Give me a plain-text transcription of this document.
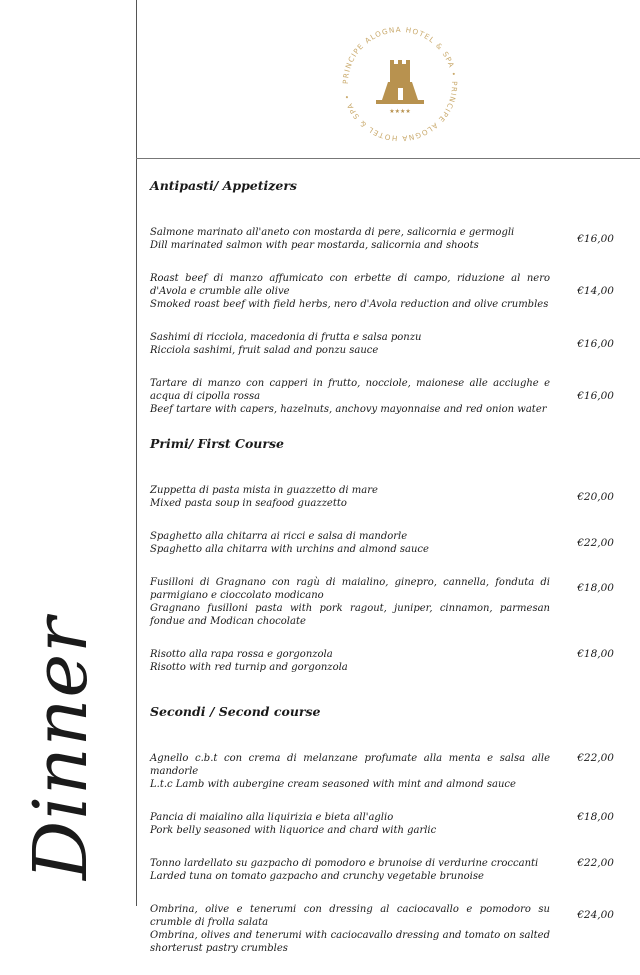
Dinner
PRINCIPE ALOGNA HOTEL & SPA • PRINCIPE ALOGNA HOTEL & SPA •
★★★★
Antipasti/ Appetizers
Salmone marinato all'aneto con mostarda di pere, salicornia e germogli
Dill marinated salmon with pear mostarda, salicornia and shoots
€16,00
Roast beef di manzo affumicato con erbette di campo, riduzione al nero d'Avola e crumble alle olive
Smoked roast beef with field herbs, nero d'Avola reduction and olive crumbles
€14,00
Sashimi di ricciola, macedonia di frutta e salsa ponzu
Ricciola sashimi, fruit salad and ponzu sauce
€16,00
Tartare di manzo con capperi in frutto, nocciole, maionese alle acciughe e acqua di cipolla rossa
Beef tartare with capers, hazelnuts, anchovy mayonnaise and red onion water
€16,00
Primi/ First Course
Zuppetta di pasta mista in guazzetto di mare
Mixed pasta soup in seafood guazzetto
€20,00
Spaghetto alla chitarra ai ricci e salsa di mandorle
Spaghetto alla chitarra with urchins and almond sauce
€22,00
Fusilloni di Gragnano con ragù di maialino, ginepro, cannella, fonduta di parmigiano e cioccolato modicano
Gragnano fusilloni pasta with pork ragout, juniper, cinnamon, parmesan fondue and Modican chocolate
€18,00
Risotto alla rapa rossa e gorgonzola
Risotto with red turnip and gorgonzola
€18,00
Secondi / Second course
Agnello c.b.t con crema di melanzane profumate alla menta e salsa alle mandorle
L.t.c Lamb with aubergine cream seasoned with mint and almond sauce
€22,00
Pancia di maialino alla liquirizia e bieta all'aglio
Pork belly seasoned with liquorice and chard with garlic
€18,00
Tonno lardellato su gazpacho di pomodoro e brunoise di verdurine croccanti
Larded tuna on tomato gazpacho and crunchy vegetable brunoise
€22,00
Ombrina, olive e tenerumi con dressing al caciocavallo e pomodoro su crumble di frolla salata
Ombrina, olives and tenerumi with caciocavallo dressing and tomato on salted shorterust pastry crumbles
€24,00
